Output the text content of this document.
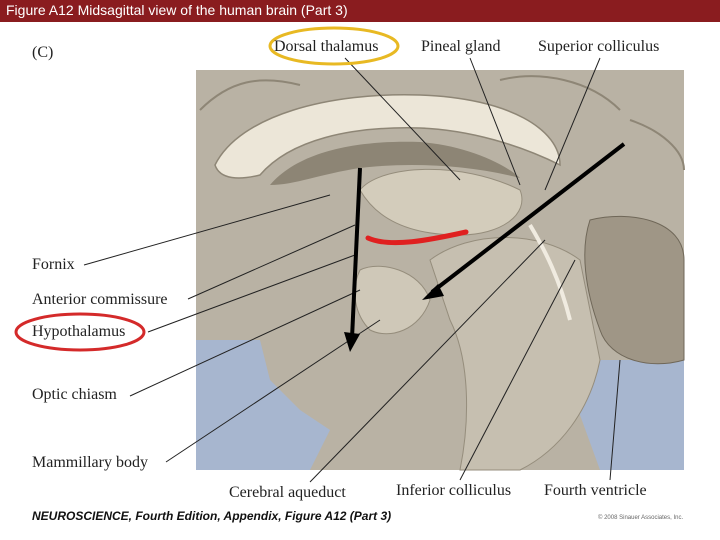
Figure A12 Midsagittal view of the human brain (Part 3)
(C)	Dorsal thalamus	Pineal gland Superior colliculus
Fornix
Anterior commissure
Hypothalamus
Optic chiasm
Mammillary body
Cerebral aqueduct	Inferior colliculus Fourth ventricle
NEUROSCIENCE, Fourth Edition, Appendix, Figure A12 (Part 3)	© 2008 Sinauer Associates, Inc.
